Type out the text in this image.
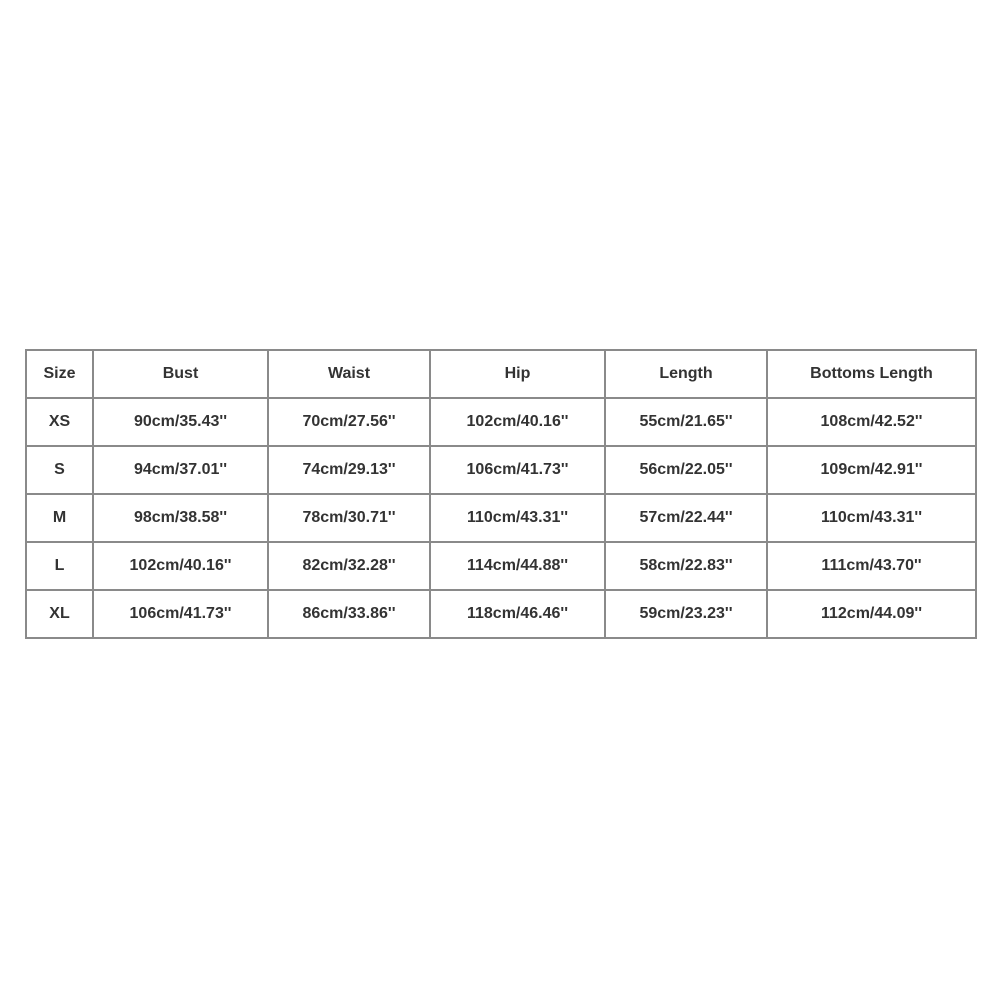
Size	Bust	Waist	Hip	Length	Bottoms Length
XS	90cm/35.43''	70cm/27.56''	102cm/40.16''	55cm/21.65''	108cm/42.52''
S	94cm/37.01''	74cm/29.13''	106cm/41.73''	56cm/22.05''	109cm/42.91''
M	98cm/38.58''	78cm/30.71''	110cm/43.31''	57cm/22.44''	110cm/43.31''
L	102cm/40.16''	82cm/32.28''	114cm/44.88''	58cm/22.83''	111cm/43.70''
XL	106cm/41.73''	86cm/33.86''	118cm/46.46''	59cm/23.23''	112cm/44.09''
